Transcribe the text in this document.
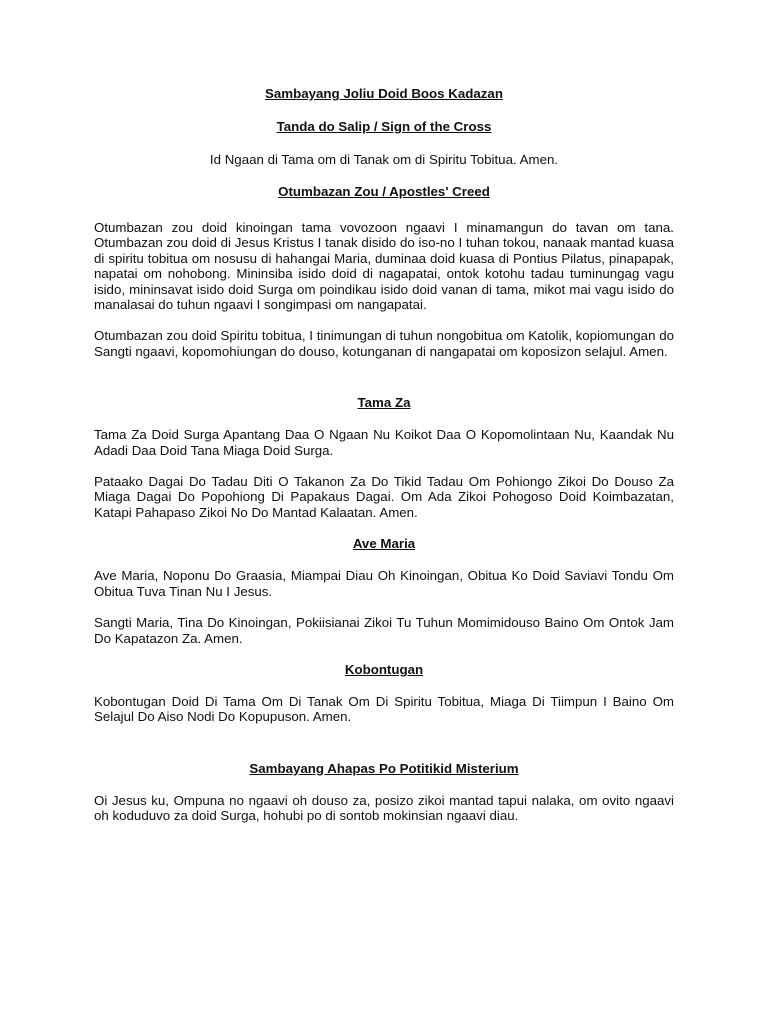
Sambayang Joliu Doid Boos Kadazan

Tanda do Salip / Sign of the Cross

Id Ngaan di Tama om di Tanak om di Spiritu Tobitua. Amen.

Otumbazan Zou / Apostles' Creed

Otumbazan zou doid kinoingan tama vovozoon ngaavi I minamangun do tavan om tana. Otumbazan zou doid di Jesus Kristus I tanak disido do iso-no I tuhan tokou, nanaak mantad kuasa di spiritu tobitua om nosusu di hahangai Maria, duminaa doid kuasa di Pontius Pilatus, pinapapak, napatai om nohobong. Mininsiba isido doid di nagapatai, ontok kotohu tadau tuminungag vagu isido, mininsavat isido doid Surga om poindikau isido doid vanan di tama, mikot mai vagu isido do manalasai do tuhun ngaavi I songimpasi om nangapatai.

Otumbazan zou doid Spiritu tobitua, I tinimungan di tuhun nongobitua om Katolik, kopiomungan do Sangti ngaavi, kopomohiungan do douso, kotunganan di nangapatai om koposizon selajul. Amen.

Tama Za

Tama Za Doid Surga Apantang Daa O Ngaan Nu Koikot Daa O Kopomolintaan Nu, Kaandak Nu Adadi Daa Doid Tana Miaga Doid Surga.

Pataako Dagai Do Tadau Diti O Takanon Za Do Tikid Tadau Om Pohiongo Zikoi Do Douso Za Miaga Dagai Do Popohiong Di Papakaus Dagai. Om Ada Zikoi Pohogoso Doid Koimbazatan, Katapi Pahapaso Zikoi No Do Mantad Kalaatan. Amen.

Ave Maria

Ave Maria, Noponu Do Graasia, Miampai Diau Oh Kinoingan, Obitua Ko Doid Saviavi Tondu Om Obitua Tuva Tinan Nu I Jesus.

Sangti Maria, Tina Do Kinoingan, Pokiisianai Zikoi Tu Tuhun Momimidouso Baino Om Ontok Jam Do Kapatazon Za. Amen.

Kobontugan

Kobontugan Doid Di Tama Om Di Tanak Om Di Spiritu Tobitua, Miaga Di Tiimpun I Baino Om Selajul Do Aiso Nodi Do Kopupuson. Amen.

Sambayang Ahapas Po Potitikid Misterium

Oi Jesus ku, Ompuna no ngaavi oh douso za, posizo zikoi mantad tapui nalaka, om ovito ngaavi oh koduduvo za doid Surga, hohubi po di sontob mokinsian ngaavi diau.
